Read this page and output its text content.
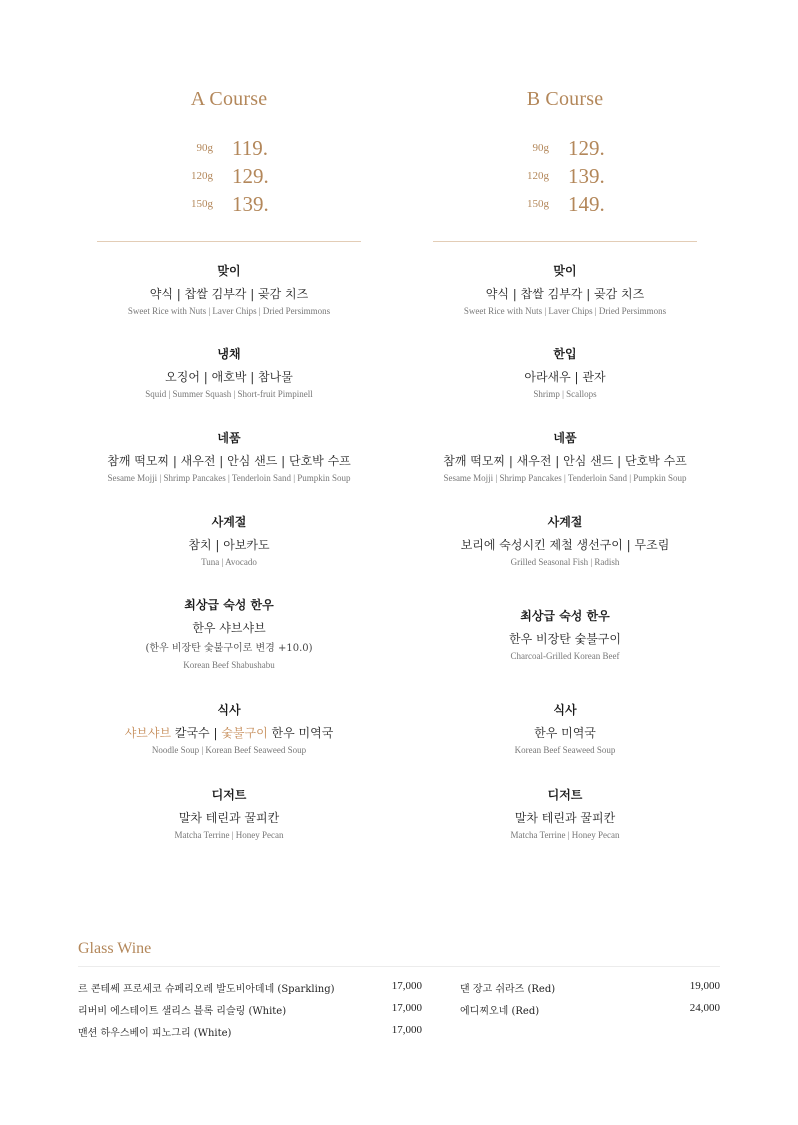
A Course
90g 119.
120g 129.
150g 139.
맞이
약식 | 찹쌀 김부각 | 곶감 치즈
Sweet Rice with Nuts | Laver Chips | Dried Persimmons
냉채
오징어 | 애호박 | 참나물
Squid | Summer Squash | Short-fruit Pimpinell
네품
참깨 떡모찌 | 새우전 | 안심 샌드 | 단호박 수프
Sesame Mojji | Shrimp Pancakes | Tenderloin Sand | Pumpkin Soup
사계절
참치 | 아보카도
Tuna | Avocado
최상급 숙성 한우
한우 샤브샤브
(한우 비장탄 숯불구이로 변경 +10.0)
Korean Beef Shabushabu
식사
샤브샤브 칼국수 | 숯불구이 한우 미역국
Noodle Soup | Korean Beef Seaweed Soup
디저트
말차 테린과 꿀피칸
Matcha Terrine | Honey Pecan
B Course
90g 129.
120g 139.
150g 149.
맞이
약식 | 찹쌀 김부각 | 곶감 치즈
Sweet Rice with Nuts | Laver Chips | Dried Persimmons
한입
아라새우 | 관자
Shrimp | Scallops
네품
참깨 떡모찌 | 새우전 | 안심 샌드 | 단호박 수프
Sesame Mojji | Shrimp Pancakes | Tenderloin Sand | Pumpkin Soup
사계절
보리에 숙성시킨 제철 생선구이 | 무조림
Grilled Seasonal Fish | Radish
최상급 숙성 한우
한우 비장탄 숯불구이
Charcoal-Grilled Korean Beef
식사
한우 미역국
Korean Beef Seaweed Soup
디저트
말차 테린과 꿀피칸
Matcha Terrine | Honey Pecan
Glass Wine
르 콘테쎄 프로세코 슈페리오레 발도비아데네 (Sparkling)	17,000
리버비 에스테이트 샐리스 블록 리슬링 (White)	17,000
맨션 하우스베이 피노그리 (White)	17,000
댄 장고 쉬라즈 (Red)	19,000
에디찌오네 (Red)	24,000
